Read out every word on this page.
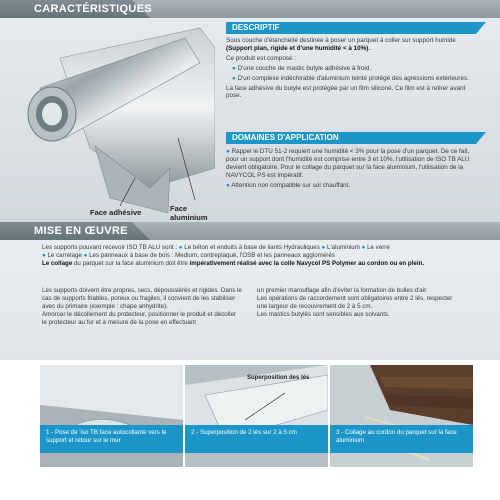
CARACTÉRISTIQUES
Face adhésive	Face aluminium
DESCRIPTIF

Sous couche d'étanchéité destinée à poser un parquet à coller sur support humide (Support plan, rigide et d'une humidité < à 10%).

Ce produit est composé :

● D'une couche de mastic butyle adhésive à froid.

● D'un complexe indéchirable d'aluminium teinté protégé des agressions extérieures.

La face adhésive du butyle est protégée par un film siliconé. Ce film est à retirer avant pose.

DOMAINES D'APPLICATION

● Rappel le DTU 51-2 requiert une humidité < 3% pour la pose d'un parquet. De ce fait, pour un support dont l'humidité est comprise entre 3 et 10%, l'utilisation de ISO TB ALU devient obligatoire. Pour le collage du parquet sur la face aluminium, l'utilisation de la NAVYCOL PS est impératif.

● Attention non compatible sur sol chauffant.

MISE EN ŒUVRE
Les supports pouvant recevoir ISO TB ALU sont : ● Le béton et enduits à base de liants Hydrauliques ● L'aluminium ● Le verre
● Le carrelage ● Les panneaux à base de bois : Medium, contreplaqué, l'OSB et les panneaux agglomérés
Le collage du parquet sur la face aluminium doit être impérativement réalisé avec la colle Navycol PS Polymer au cordon ou en plein.

Les supports doivent être propres, secs, dépoussiérés et rigides. Dans le cas de supports friables, poreux ou fragiles, il convient de les stabiliser avec du primaire (exemple : chape anhydrite).

Amorcer le décollement du protecteur, positionner le produit et décoller le protecteur au fur et à mesure de la pose en effectuant

un premier marouflage afin d'éviter la formation de bulles d'air.

Les opérations de raccordement sont obligatoires entre 2 lés, respecter une largeur de recouvrement de 2 à 5 cm.

Les mastics butylés sont sensibles aux solvants.

1 - Pose de 'iso TB face autocollante vers le support et retour sur le mur
Superposition des lés
2 - Superposition de 2 lés sur 2 à 5 cm	3 - Collage au cordon du parquet sur la face aluminium
